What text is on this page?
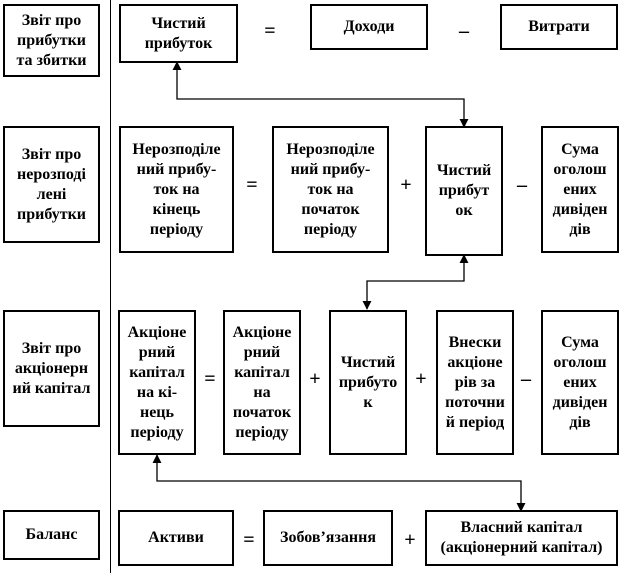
Звіт про
прибутки
та збитки
Чистий
прибуток
=	Доходи	–	Витрати
Звіт про
нерозподі
лені
прибутки
Нерозподіле
ний прибу-
ток на
кінець
періоду
=
Нерозподіле
ний прибу-
ток на
початок
періоду
+
Чистий
прибут
ок
–
Сума
оголош
ених
дивіден
дів
Звіт про
акціонерн
ий капітал
Акціоне
рний
капітал
на кі-
нець
періоду
=
Акціоне
рний
капітал
на
початок
періоду
+
Чистий
прибуто
к
+
Внески
акціоне
рів за
поточни
й період
–
Сума
оголош
ених
дивіден
дів
Баланс	Активи	=	Зобов’язання	+
Власний капітал
(акціонерний капітал)
